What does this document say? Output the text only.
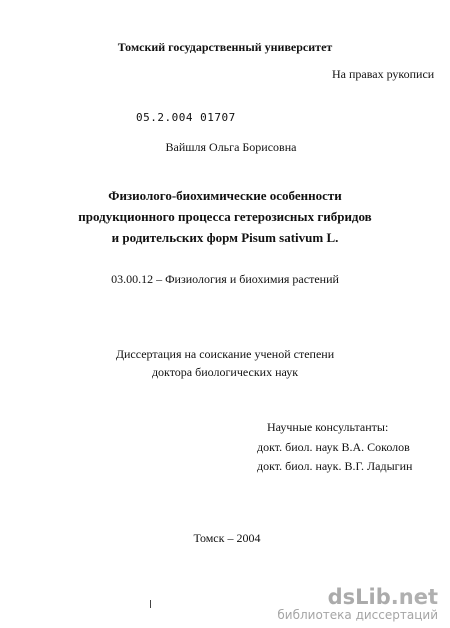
Томский государственный университет
На правах рукописи
05.2.004 01707
Вайшля Ольга Борисовна
Физиолого-биохимические особенности
продукционного процесса гетерозисных гибридов
и родительских форм Pisum sativum L.
03.00.12 – Физиология и биохимия растений
Диссертация на соискание ученой степени
доктора биологических наук
Научные консультанты:
докт. биол. наук В.А. Соколов
докт. биол. наук. В.Г. Ладыгин
Томск – 2004
dsLib.net
библиотека диссертаций
